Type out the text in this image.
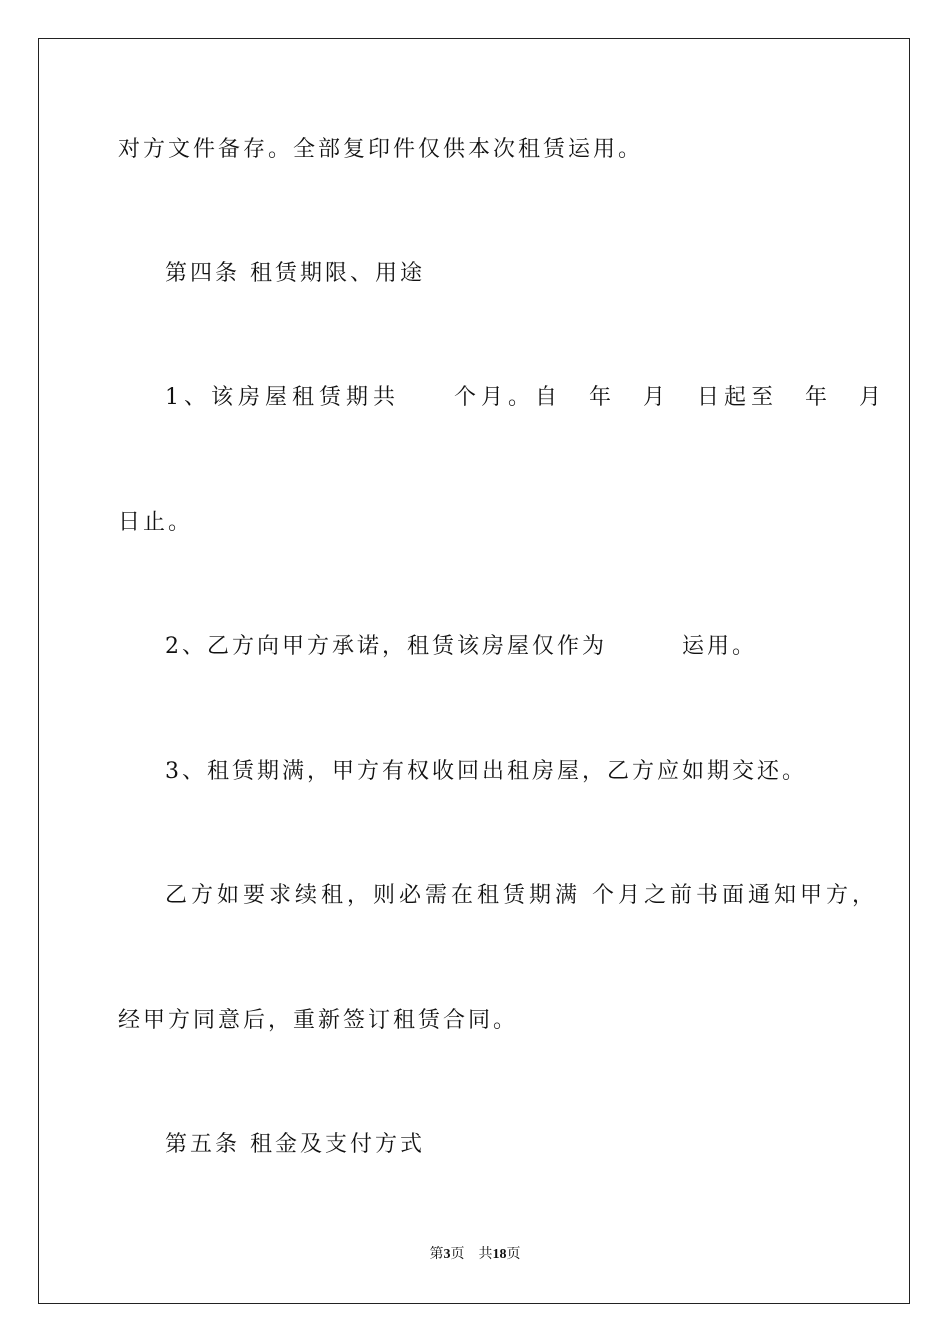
对方文件备存。全部复印件仅供本次租赁运用。
第四条 租赁期限、用途
1、该房屋租赁期共　　个月。自　年　月　日起至　年　月
日止。
2、乙方向甲方承诺，租赁该房屋仅作为　　　运用。
3、租赁期满，甲方有权收回出租房屋，乙方应如期交还。
乙方如要求续租，则必需在租赁期满 个月之前书面通知甲方，
经甲方同意后，重新签订租赁合同。
第五条 租金及支付方式
第3页　 共18页
